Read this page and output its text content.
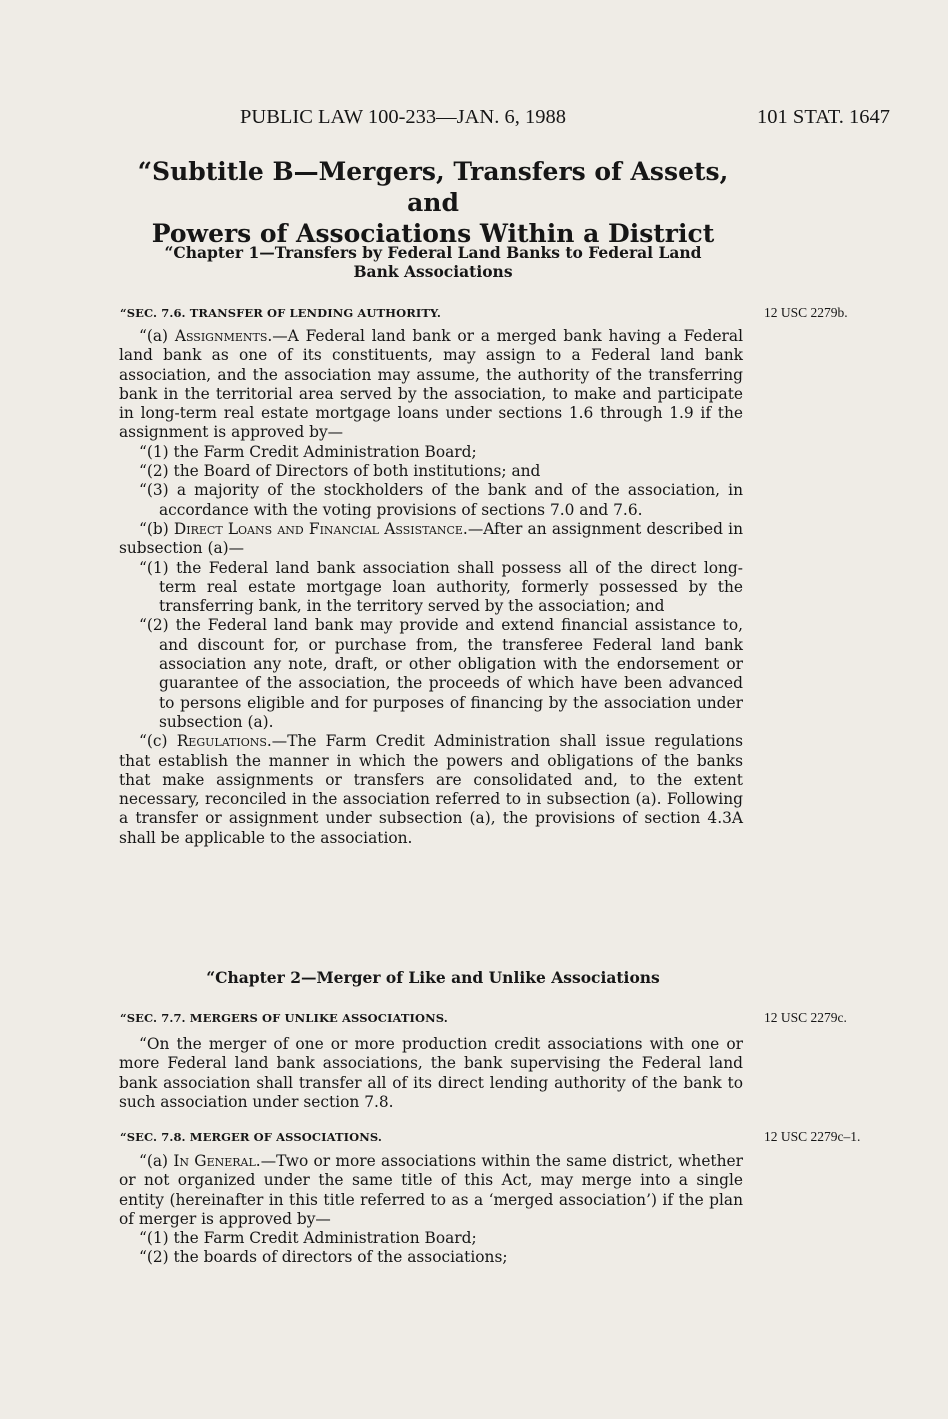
PUBLIC LAW 100-233—JAN. 6, 1988	101 STAT. 1647
“Subtitle B—Mergers, Transfers of Assets, and
Powers of Associations Within a District
“Chapter 1—Transfers by Federal Land Banks to Federal Land
Bank Associations
“SEC. 7.6. TRANSFER OF LENDING AUTHORITY.	12 USC 2279b.

“(a) Assignments.—A Federal land bank or a merged bank having a Federal land bank as one of its constituents, may assign to a Federal land bank association, and the association may assume, the authority of the transferring bank in the territorial area served by the association, to make and participate in long-term real estate mortgage loans under sections 1.6 through 1.9 if the assignment is approved by—

“(1) the Farm Credit Administration Board;

“(2) the Board of Directors of both institutions; and

“(3) a majority of the stockholders of the bank and of the association, in accordance with the voting provisions of sections 7.0 and 7.6.

“(b) Direct Loans and Financial Assistance.—After an assignment described in subsection (a)—

“(1) the Federal land bank association shall possess all of the direct long-term real estate mortgage loan authority, formerly possessed by the transferring bank, in the territory served by the association; and

“(2) the Federal land bank may provide and extend financial assistance to, and discount for, or purchase from, the transferee Federal land bank association any note, draft, or other obligation with the endorsement or guarantee of the association, the proceeds of which have been advanced to persons eligible and for purposes of financing by the association under subsection (a).

“(c) Regulations.—The Farm Credit Administration shall issue regulations that establish the manner in which the powers and obligations of the banks that make assignments or transfers are consolidated and, to the extent necessary, reconciled in the association referred to in subsection (a). Following a transfer or assignment under subsection (a), the provisions of section 4.3A shall be applicable to the association.

“Chapter 2—Merger of Like and Unlike Associations
“SEC. 7.7. MERGERS OF UNLIKE ASSOCIATIONS.	12 USC 2279c.

“On the merger of one or more production credit associations with one or more Federal land bank associations, the bank supervising the Federal land bank association shall transfer all of its direct lending authority of the bank to such association under section 7.8.

“SEC. 7.8. MERGER OF ASSOCIATIONS.	12 USC 2279c–1.

“(a) In General.—Two or more associations within the same district, whether or not organized under the same title of this Act, may merge into a single entity (hereinafter in this title referred to as a ‘merged association’) if the plan of merger is approved by—

“(1) the Farm Credit Administration Board;

“(2) the boards of directors of the associations;
